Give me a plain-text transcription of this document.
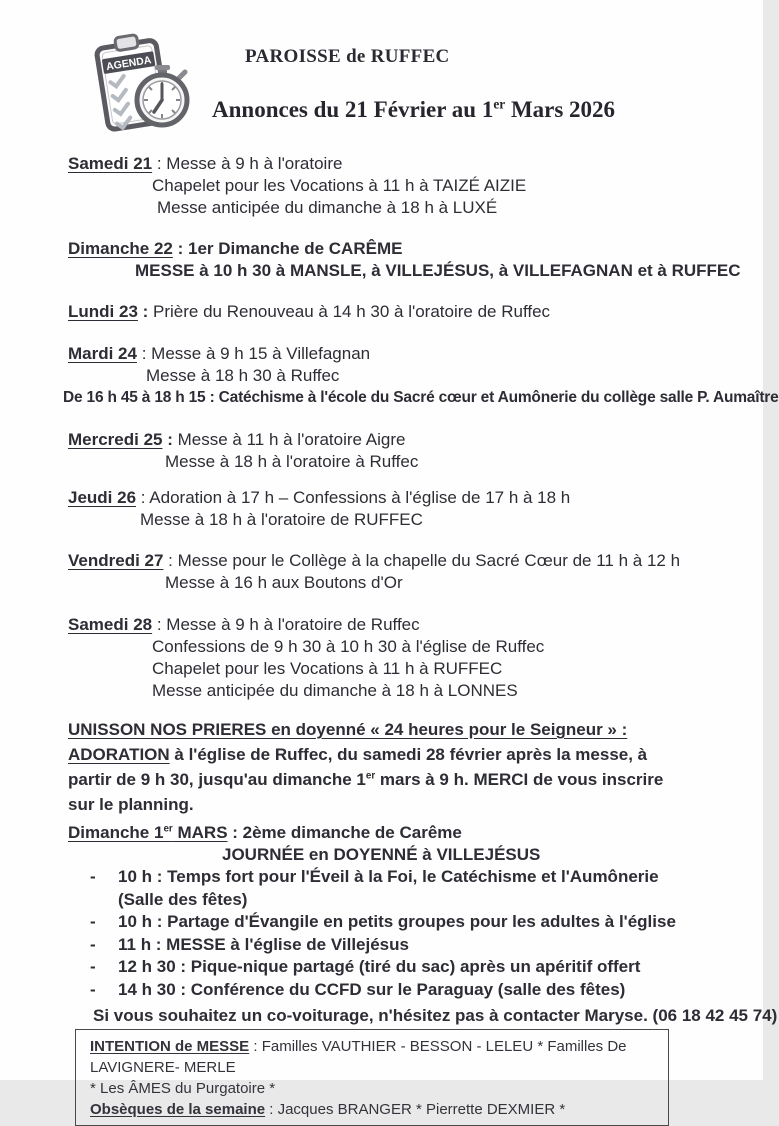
AGENDA	PAROISSE de RUFFEC
Annonces du 21 Février au 1er Mars 2026
Samedi 21 : Messe à 9 h à l'oratoire
Chapelet pour les Vocations à 11 h à TAIZÉ AIZIE
Messe anticipée du dimanche à 18 h à LUXÉ
Dimanche 22 : 1er Dimanche de CARÊME
MESSE à 10 h 30 à MANSLE, à VILLEJÉSUS, à VILLEFAGNAN et à RUFFEC
Lundi 23 : Prière du Renouveau à 14 h 30 à l'oratoire de Ruffec
Mardi 24 : Messe à 9 h 15 à Villefagnan
Messe à 18 h 30 à Ruffec
De 16 h 45 à 18 h 15 : Catéchisme à l'école du Sacré cœur et Aumônerie du collège salle P. Aumaître
Mercredi 25 : Messe à 11 h à l'oratoire Aigre
Messe à 18 h à l'oratoire à Ruffec
Jeudi 26 : Adoration à 17 h – Confessions à l'église de 17 h à 18 h
Messe à 18 h à l'oratoire de RUFFEC
Vendredi 27 : Messe pour le Collège à la chapelle du Sacré Cœur de 11 h à 12 h
Messe à 16 h aux Boutons d'Or
Samedi 28 : Messe à 9 h à l'oratoire de Ruffec
Confessions de 9 h 30 à 10 h 30 à l'église de Ruffec
Chapelet pour les Vocations à 11 h à RUFFEC
Messe anticipée du dimanche à 18 h à LONNES
UNISSON NOS PRIERES en doyenné « 24 heures pour le Seigneur » : ADORATION à l'église de Ruffec, du samedi 28 février après la messe, à partir de 9 h 30, jusqu'au dimanche 1er mars à 9 h. MERCI de vous inscrire sur le planning.
Dimanche 1er MARS : 2ème dimanche de Carême
JOURNÉE en DOYENNÉ à VILLEJÉSUS
-	10 h : Temps fort pour l'Éveil à la Foi, le Catéchisme et l'Aumônerie (Salle des fêtes)
-	10 h : Partage d'Évangile en petits groupes pour les adultes à l'église
-	11 h : MESSE à l'église de Villejésus
-	12 h 30 : Pique-nique partagé (tiré du sac) après un apéritif offert
-	14 h 30 : Conférence du CCFD sur le Paraguay (salle des fêtes)
Si vous souhaitez un co-voiturage, n'hésitez pas à contacter Maryse. (06 18 42 45 74)
INTENTION de MESSE : Familles VAUTHIER - BESSON - LELEU * Familles De LAVIGNERE- MERLE
* Les ÂMES du Purgatoire *
Obsèques de la semaine : Jacques BRANGER * Pierrette DEXMIER *
